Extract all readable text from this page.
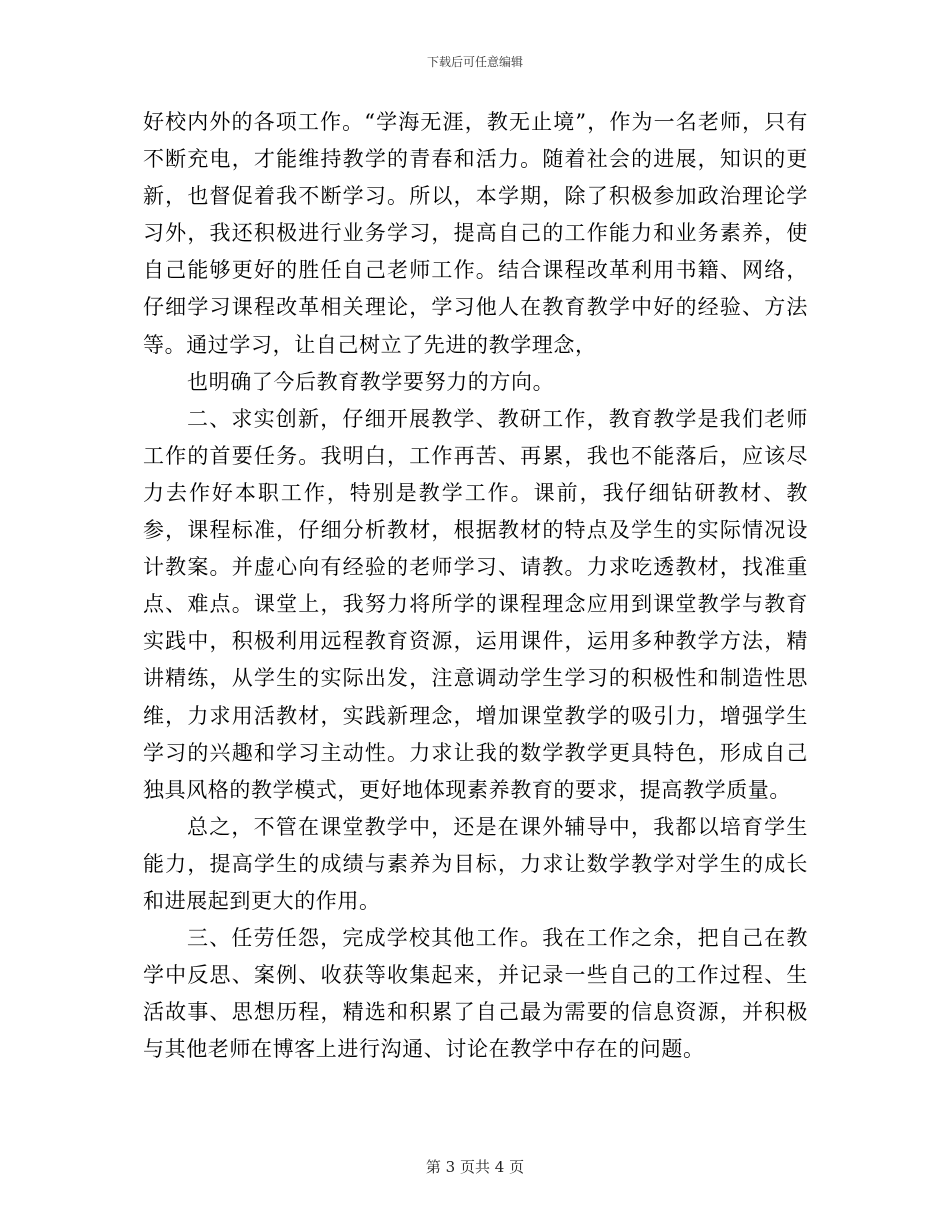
下载后可任意编辑

好校内外的各项工作。“学海无涯，教无止境”，作为一名老师，只有不断充电，才能维持教学的青春和活力。随着社会的进展，知识的更新，也督促着我不断学习。所以，本学期，除了积极参加政治理论学习外，我还积极进行业务学习，提高自己的工作能力和业务素养，使自己能够更好的胜任自己老师工作。结合课程改革利用书籍、网络，仔细学习课程改革相关理论，学习他人在教育教学中好的经验、方法等。通过学习，让自己树立了先进的教学理念，

也明确了今后教育教学要努力的方向。

二、求实创新，仔细开展教学、教研工作，教育教学是我们老师工作的首要任务。我明白，工作再苦、再累，我也不能落后，应该尽力去作好本职工作，特别是教学工作。课前，我仔细钻研教材、教参，课程标准，仔细分析教材，根据教材的特点及学生的实际情况设计教案。并虚心向有经验的老师学习、请教。力求吃透教材，找准重点、难点。课堂上，我努力将所学的课程理念应用到课堂教学与教育实践中，积极利用远程教育资源，运用课件，运用多种教学方法，精讲精练，从学生的实际出发，注意调动学生学习的积极性和制造性思维，力求用活教材，实践新理念，增加课堂教学的吸引力，增强学生学习的兴趣和学习主动性。力求让我的数学教学更具特色，形成自己独具风格的教学模式，更好地体现素养教育的要求，提高教学质量。

总之，不管在课堂教学中，还是在课外辅导中，我都以培育学生能力，提高学生的成绩与素养为目标，力求让数学教学对学生的成长和进展起到更大的作用。

三、任劳任怨，完成学校其他工作。我在工作之余，把自己在教学中反思、案例、收获等收集起来，并记录一些自己的工作过程、生活故事、思想历程，精选和积累了自己最为需要的信息资源，并积极与其他老师在博客上进行沟通、讨论在教学中存在的问题。

第 3 页共 4 页
